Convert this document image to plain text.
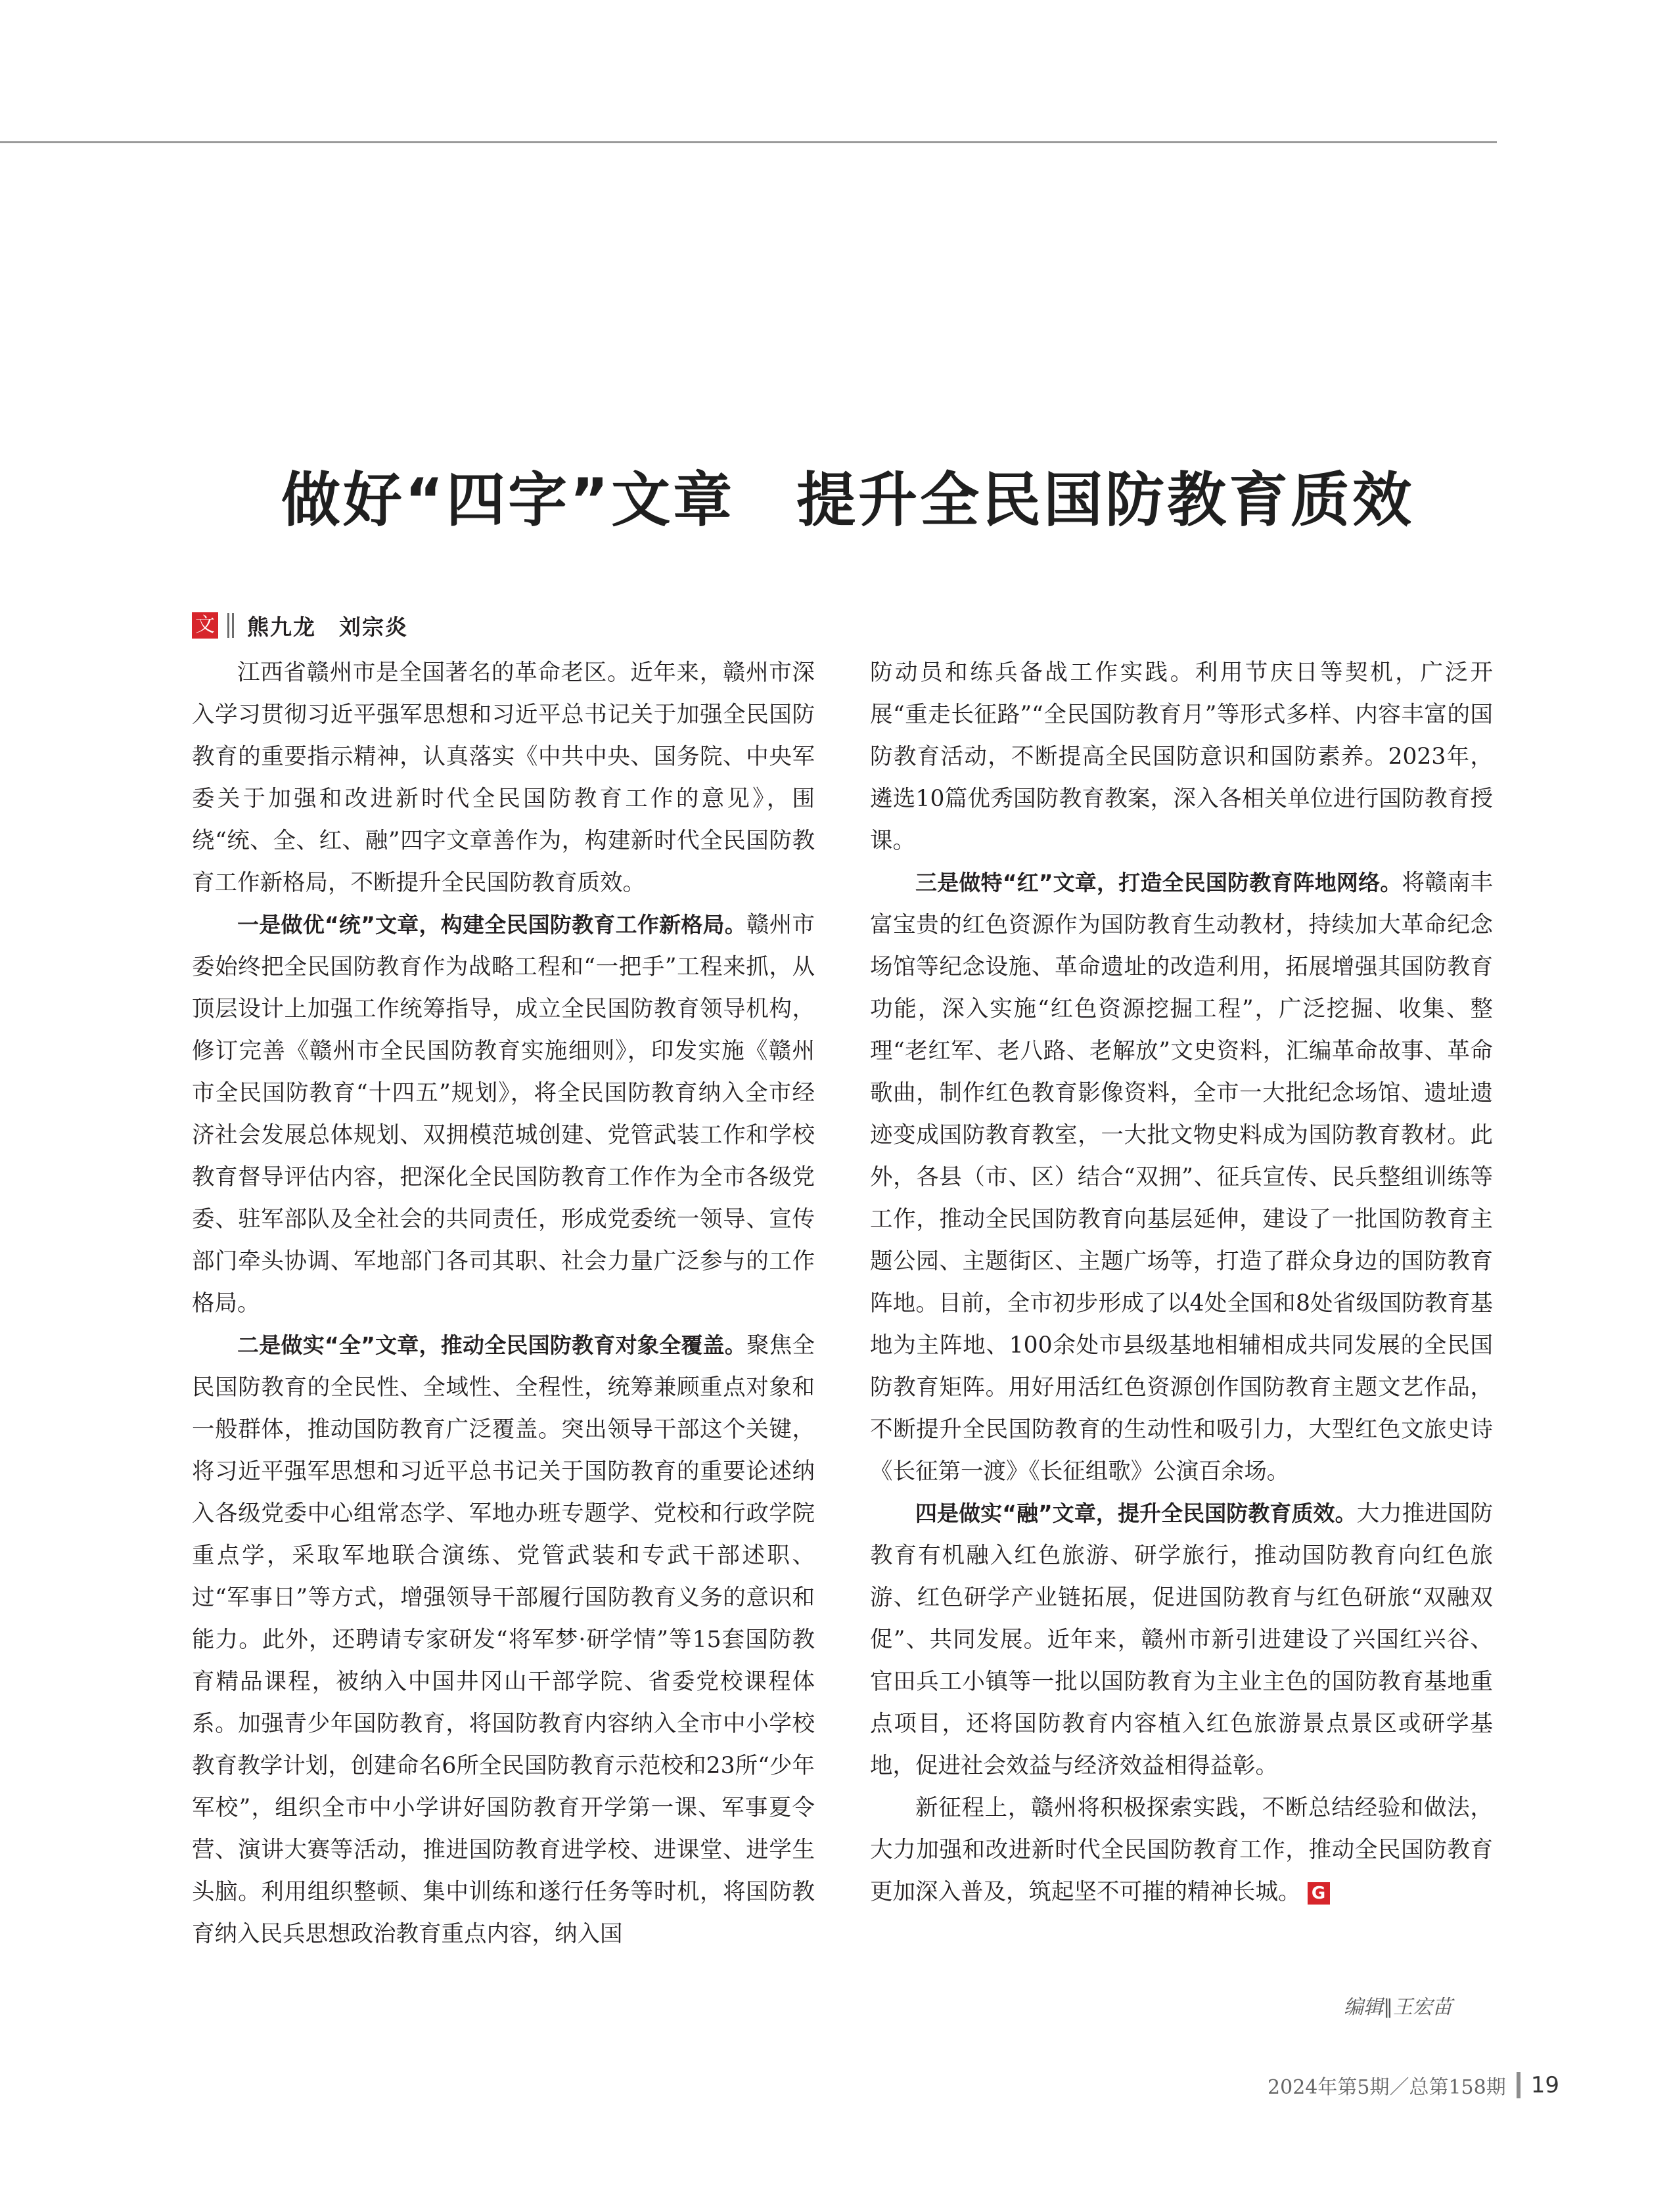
做好“四字”文章　提升全民国防教育质效
文 熊九龙　刘宗炎

江西省赣州市是全国著名的革命老区。近年来，赣州市深入学习贯彻习近平强军思想和习近平总书记关于加强全民国防教育的重要指示精神，认真落实《中共中央、国务院、中央军委关于加强和改进新时代全民国防教育工作的意见》，围绕“统、全、红、融”四字文章善作为，构建新时代全民国防教育工作新格局，不断提升全民国防教育质效。

一是做优“统”文章，构建全民国防教育工作新格局。赣州市委始终把全民国防教育作为战略工程和“一把手”工程来抓，从顶层设计上加强工作统筹指导，成立全民国防教育领导机构，修订完善《赣州市全民国防教育实施细则》，印发实施《赣州市全民国防教育“十四五”规划》，将全民国防教育纳入全市经济社会发展总体规划、双拥模范城创建、党管武装工作和学校教育督导评估内容，把深化全民国防教育工作作为全市各级党委、驻军部队及全社会的共同责任，形成党委统一领导、宣传部门牵头协调、军地部门各司其职、社会力量广泛参与的工作格局。

二是做实“全”文章，推动全民国防教育对象全覆盖。聚焦全民国防教育的全民性、全域性、全程性，统筹兼顾重点对象和一般群体，推动国防教育广泛覆盖。突出领导干部这个关键，将习近平强军思想和习近平总书记关于国防教育的重要论述纳入各级党委中心组常态学、军地办班专题学、党校和行政学院重点学，采取军地联合演练、党管武装和专武干部述职、过“军事日”等方式，增强领导干部履行国防教育义务的意识和能力。此外，还聘请专家研发“将军梦·研学情”等15套国防教育精品课程，被纳入中国井冈山干部学院、省委党校课程体系。加强青少年国防教育，将国防教育内容纳入全市中小学校教育教学计划，创建命名6所全民国防教育示范校和23所“少年军校”，组织全市中小学讲好国防教育开学第一课、军事夏令营、演讲大赛等活动，推进国防教育进学校、进课堂、进学生头脑。利用组织整顿、集中训练和遂行任务等时机，将国防教育纳入民兵思想政治教育重点内容，纳入国

防动员和练兵备战工作实践。利用节庆日等契机，广泛开展“重走长征路”“全民国防教育月”等形式多样、内容丰富的国防教育活动，不断提高全民国防意识和国防素养。2023年，遴选10篇优秀国防教育教案，深入各相关单位进行国防教育授课。

三是做特“红”文章，打造全民国防教育阵地网络。将赣南丰富宝贵的红色资源作为国防教育生动教材，持续加大革命纪念场馆等纪念设施、革命遗址的改造利用，拓展增强其国防教育功能，深入实施“红色资源挖掘工程”，广泛挖掘、收集、整理“老红军、老八路、老解放”文史资料，汇编革命故事、革命歌曲，制作红色教育影像资料，全市一大批纪念场馆、遗址遗迹变成国防教育教室，一大批文物史料成为国防教育教材。此外，各县（市、区）结合“双拥”、征兵宣传、民兵整组训练等工作，推动全民国防教育向基层延伸，建设了一批国防教育主题公园、主题街区、主题广场等，打造了群众身边的国防教育阵地。目前，全市初步形成了以4处全国和8处省级国防教育基地为主阵地、100余处市县级基地相辅相成共同发展的全民国防教育矩阵。用好用活红色资源创作国防教育主题文艺作品，不断提升全民国防教育的生动性和吸引力，大型红色文旅史诗《长征第一渡》《长征组歌》公演百余场。

四是做实“融”文章，提升全民国防教育质效。大力推进国防教育有机融入红色旅游、研学旅行，推动国防教育向红色旅游、红色研学产业链拓展，促进国防教育与红色研旅“双融双促”、共同发展。近年来，赣州市新引进建设了兴国红兴谷、官田兵工小镇等一批以国防教育为主业主色的国防教育基地重点项目，还将国防教育内容植入红色旅游景点景区或研学基地，促进社会效益与经济效益相得益彰。

新征程上，赣州将积极探索实践，不断总结经验和做法，大力加强和改进新时代全民国防教育工作，推动全民国防教育更加深入普及，筑起坚不可摧的精神长城。 G

编辑∥王宏苗
2024年第5期／总第158期 19
